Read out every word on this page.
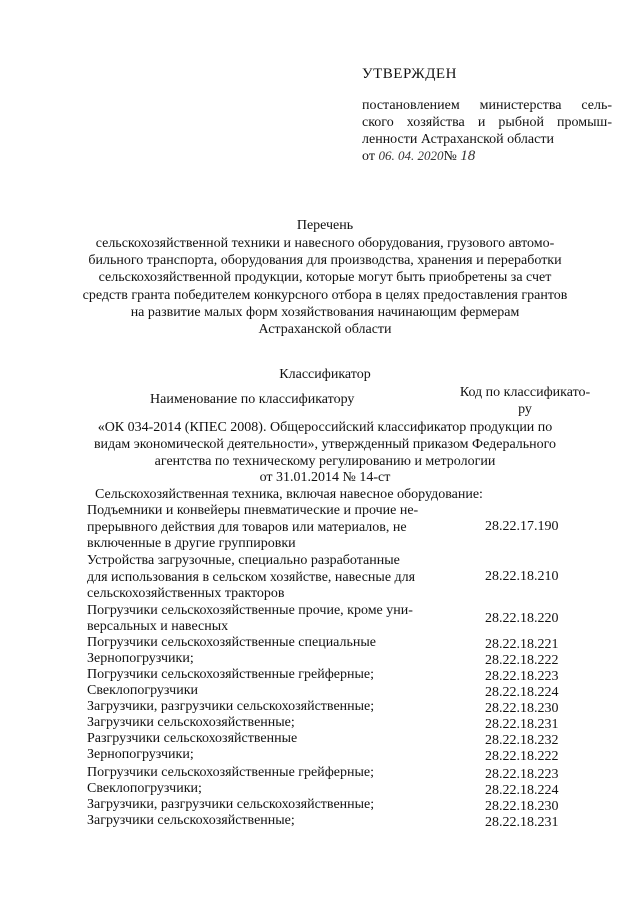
УТВЕРЖДЕН
постановлением министерства сель-
ского хозяйства и рыбной промыш-
ленности Астраханской области
от 06. 04. 2020№ 18
Перечень
сельскохозяйственной техники и навесного оборудования, грузового автомо-
бильного транспорта, оборудования для производства, хранения и переработки
сельскохозяйственной продукции, которые могут быть приобретены за счет
средств гранта победителем конкурсного отбора в целях предоставления грантов
на развитие малых форм хозяйствования начинающим фермерам
Астраханской области
Классификатор
Наименование по классификатору	Код по классификато-
ру
«ОК 034-2014 (КПЕС 2008). Общероссийский классификатор продукции по
видам экономической деятельности», утвержденный приказом Федерального
агентства по техническому регулированию и метрологии
от 31.01.2014 № 14-ст
Сельскохозяйственная техника, включая навесное оборудование:
Подъемники и конвейеры пневматические и прочие не-
прерывного действия для товаров или материалов, не
включенные в другие группировки
28.22.17.190
Устройства загрузочные, специально разработанные
для использования в сельском хозяйстве, навесные для
сельскохозяйственных тракторов
28.22.18.210
Погрузчики сельскохозяйственные прочие, кроме уни-
версальных и навесных
28.22.18.220
Погрузчики сельскохозяйственные специальные	28.22.18.221
Зернопогрузчики;	28.22.18.222
Погрузчики сельскохозяйственные грейферные;	28.22.18.223
Свеклопогрузчики	28.22.18.224
Загрузчики, разгрузчики сельскохозяйственные;	28.22.18.230
Загрузчики сельскохозяйственные;	28.22.18.231
Разгрузчики сельскохозяйственные	28.22.18.232
Зернопогрузчики;	28.22.18.222
Погрузчики сельскохозяйственные грейферные;	28.22.18.223
Свеклопогрузчики;	28.22.18.224
Загрузчики, разгрузчики сельскохозяйственные;	28.22.18.230
Загрузчики сельскохозяйственные;	28.22.18.231
